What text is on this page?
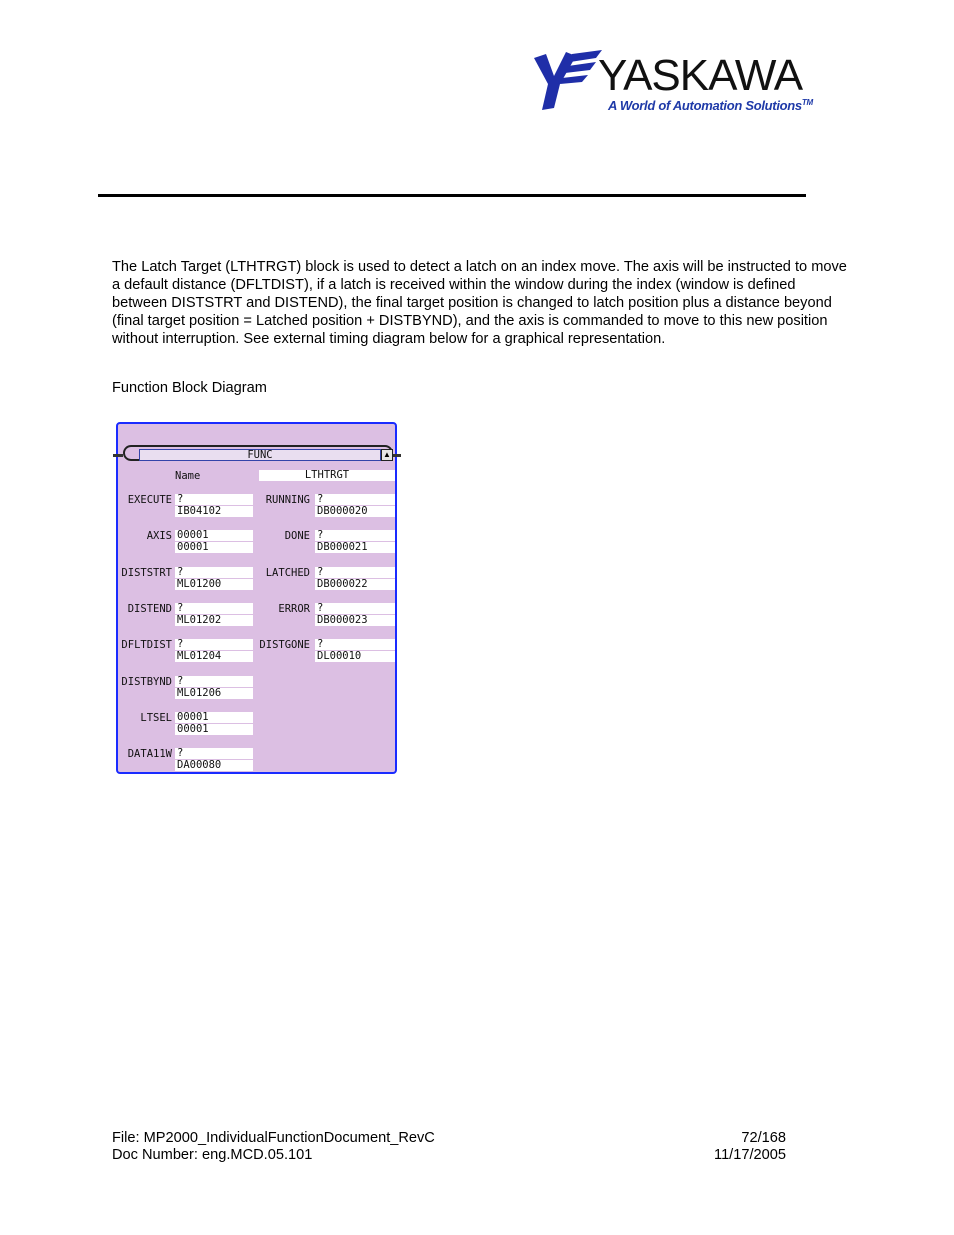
YASKAWA
A World of Automation Solutions™

The Latch Target (LTHTRGT) block is used to detect a latch on an index move. The axis will be instructed to move a default distance (DFLTDIST), if a latch is received within the window during the index (window is defined between DISTSTRT and DISTEND), the final target position is changed to latch position plus a distance beyond (final target position = Latched position + DISTBYND), and the axis is commanded to move to this new position without interruption. See external timing diagram below for a graphical representation.

Function Block Diagram

FUNC	▲
Name	LTHTRGT
EXECUTE ?
IB04102
AXIS 00001
00001
DISTSTRT ?
ML01200
DISTEND ?
ML01202
DFLTDIST ?
ML01204
DISTBYND ?
ML01206
LTSEL 00001
00001
DATA11W ?
DA00080
RUNNING ?
DB000020
DONE ?
DB000021
LATCHED ?
DB000022
ERROR ?
DB000023
DISTGONE ?
DL00010
File: MP2000_IndividualFunctionDocument_RevC
Doc Number: eng.MCD.05.101
72/168
11/17/2005
